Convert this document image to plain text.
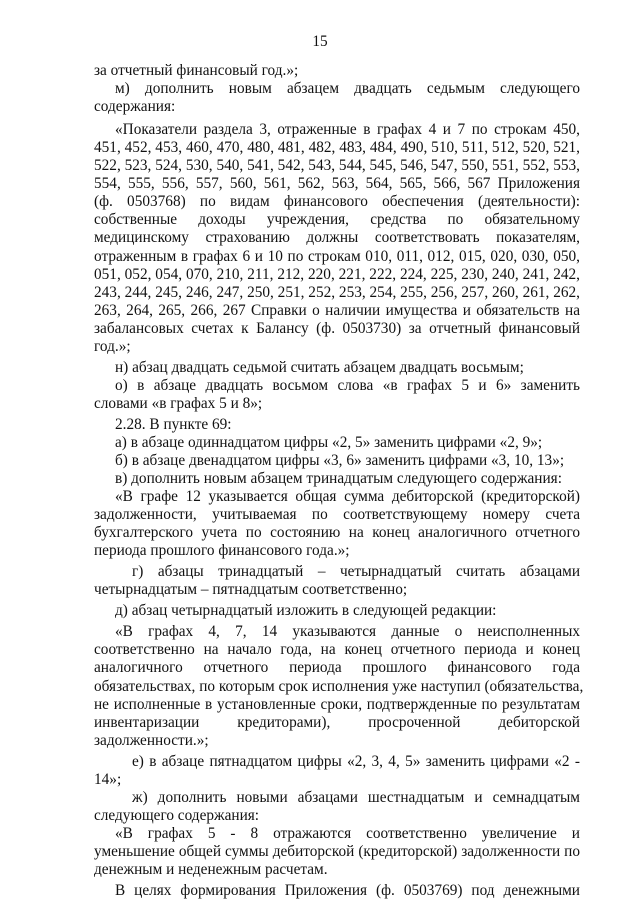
15
за отчетный финансовый год.»;
м) дополнить новым абзацем двадцать седьмым следующего
содержания:
«Показатели раздела 3, отраженные в графах 4 и 7 по строкам 450,
451, 452, 453, 460, 470, 480, 481, 482, 483, 484, 490, 510, 511, 512, 520, 521,
522, 523, 524, 530, 540, 541, 542, 543, 544, 545, 546, 547, 550, 551, 552, 553,
554, 555, 556, 557, 560, 561, 562, 563, 564, 565, 566, 567 Приложения
(ф. 0503768) по видам финансового обеспечения (деятельности):
собственные доходы учреждения, средства по обязательному
медицинскому страхованию должны соответствовать показателям,
отраженным в графах 6 и 10 по строкам 010, 011, 012, 015, 020, 030, 050,
051, 052, 054, 070, 210, 211, 212, 220, 221, 222, 224, 225, 230, 240, 241, 242,
243, 244, 245, 246, 247, 250, 251, 252, 253, 254, 255, 256, 257, 260, 261, 262,
263, 264, 265, 266, 267 Справки о наличии имущества и обязательств на
забалансовых счетах к Балансу (ф. 0503730) за отчетный финансовый
год.»;
н) абзац двадцать седьмой считать абзацем двадцать восьмым;
о) в абзаце двадцать восьмом слова «в графах 5 и 6» заменить
словами «в графах 5 и 8»;
2.28. В пункте 69:
а) в абзаце одиннадцатом цифры «2, 5» заменить цифрами «2, 9»;
б) в абзаце двенадцатом цифры «3, 6» заменить цифрами «3, 10, 13»;
в) дополнить новым абзацем тринадцатым следующего содержания:
«В графе 12 указывается общая сумма дебиторской (кредиторской)
задолженности, учитываемая по соответствующему номеру счета
бухгалтерского учета по состоянию на конец аналогичного отчетного
периода прошлого финансового года.»;
г) абзацы тринадцатый – четырнадцатый считать абзацами
четырнадцатым – пятнадцатым соответственно;
д) абзац четырнадцатый изложить в следующей редакции:
«В графах 4, 7, 14 указываются данные о неисполненных
соответственно на начало года, на конец отчетного периода и конец
аналогичного отчетного периода прошлого финансового года
обязательствах, по которым срок исполнения уже наступил (обязательства,
не исполненные в установленные сроки, подтвержденные по результатам
инвентаризации кредиторами), просроченной дебиторской
задолженности.»;
е) в абзаце пятнадцатом цифры «2, 3, 4, 5» заменить цифрами «2 -
14»;
ж) дополнить новыми абзацами шестнадцатым и семнадцатым
следующего содержания:
«В графах 5 - 8 отражаются соответственно увеличение и
уменьшение общей суммы дебиторской (кредиторской) задолженности по
денежным и неденежным расчетам.
В целях формирования Приложения (ф. 0503769) под денежными
